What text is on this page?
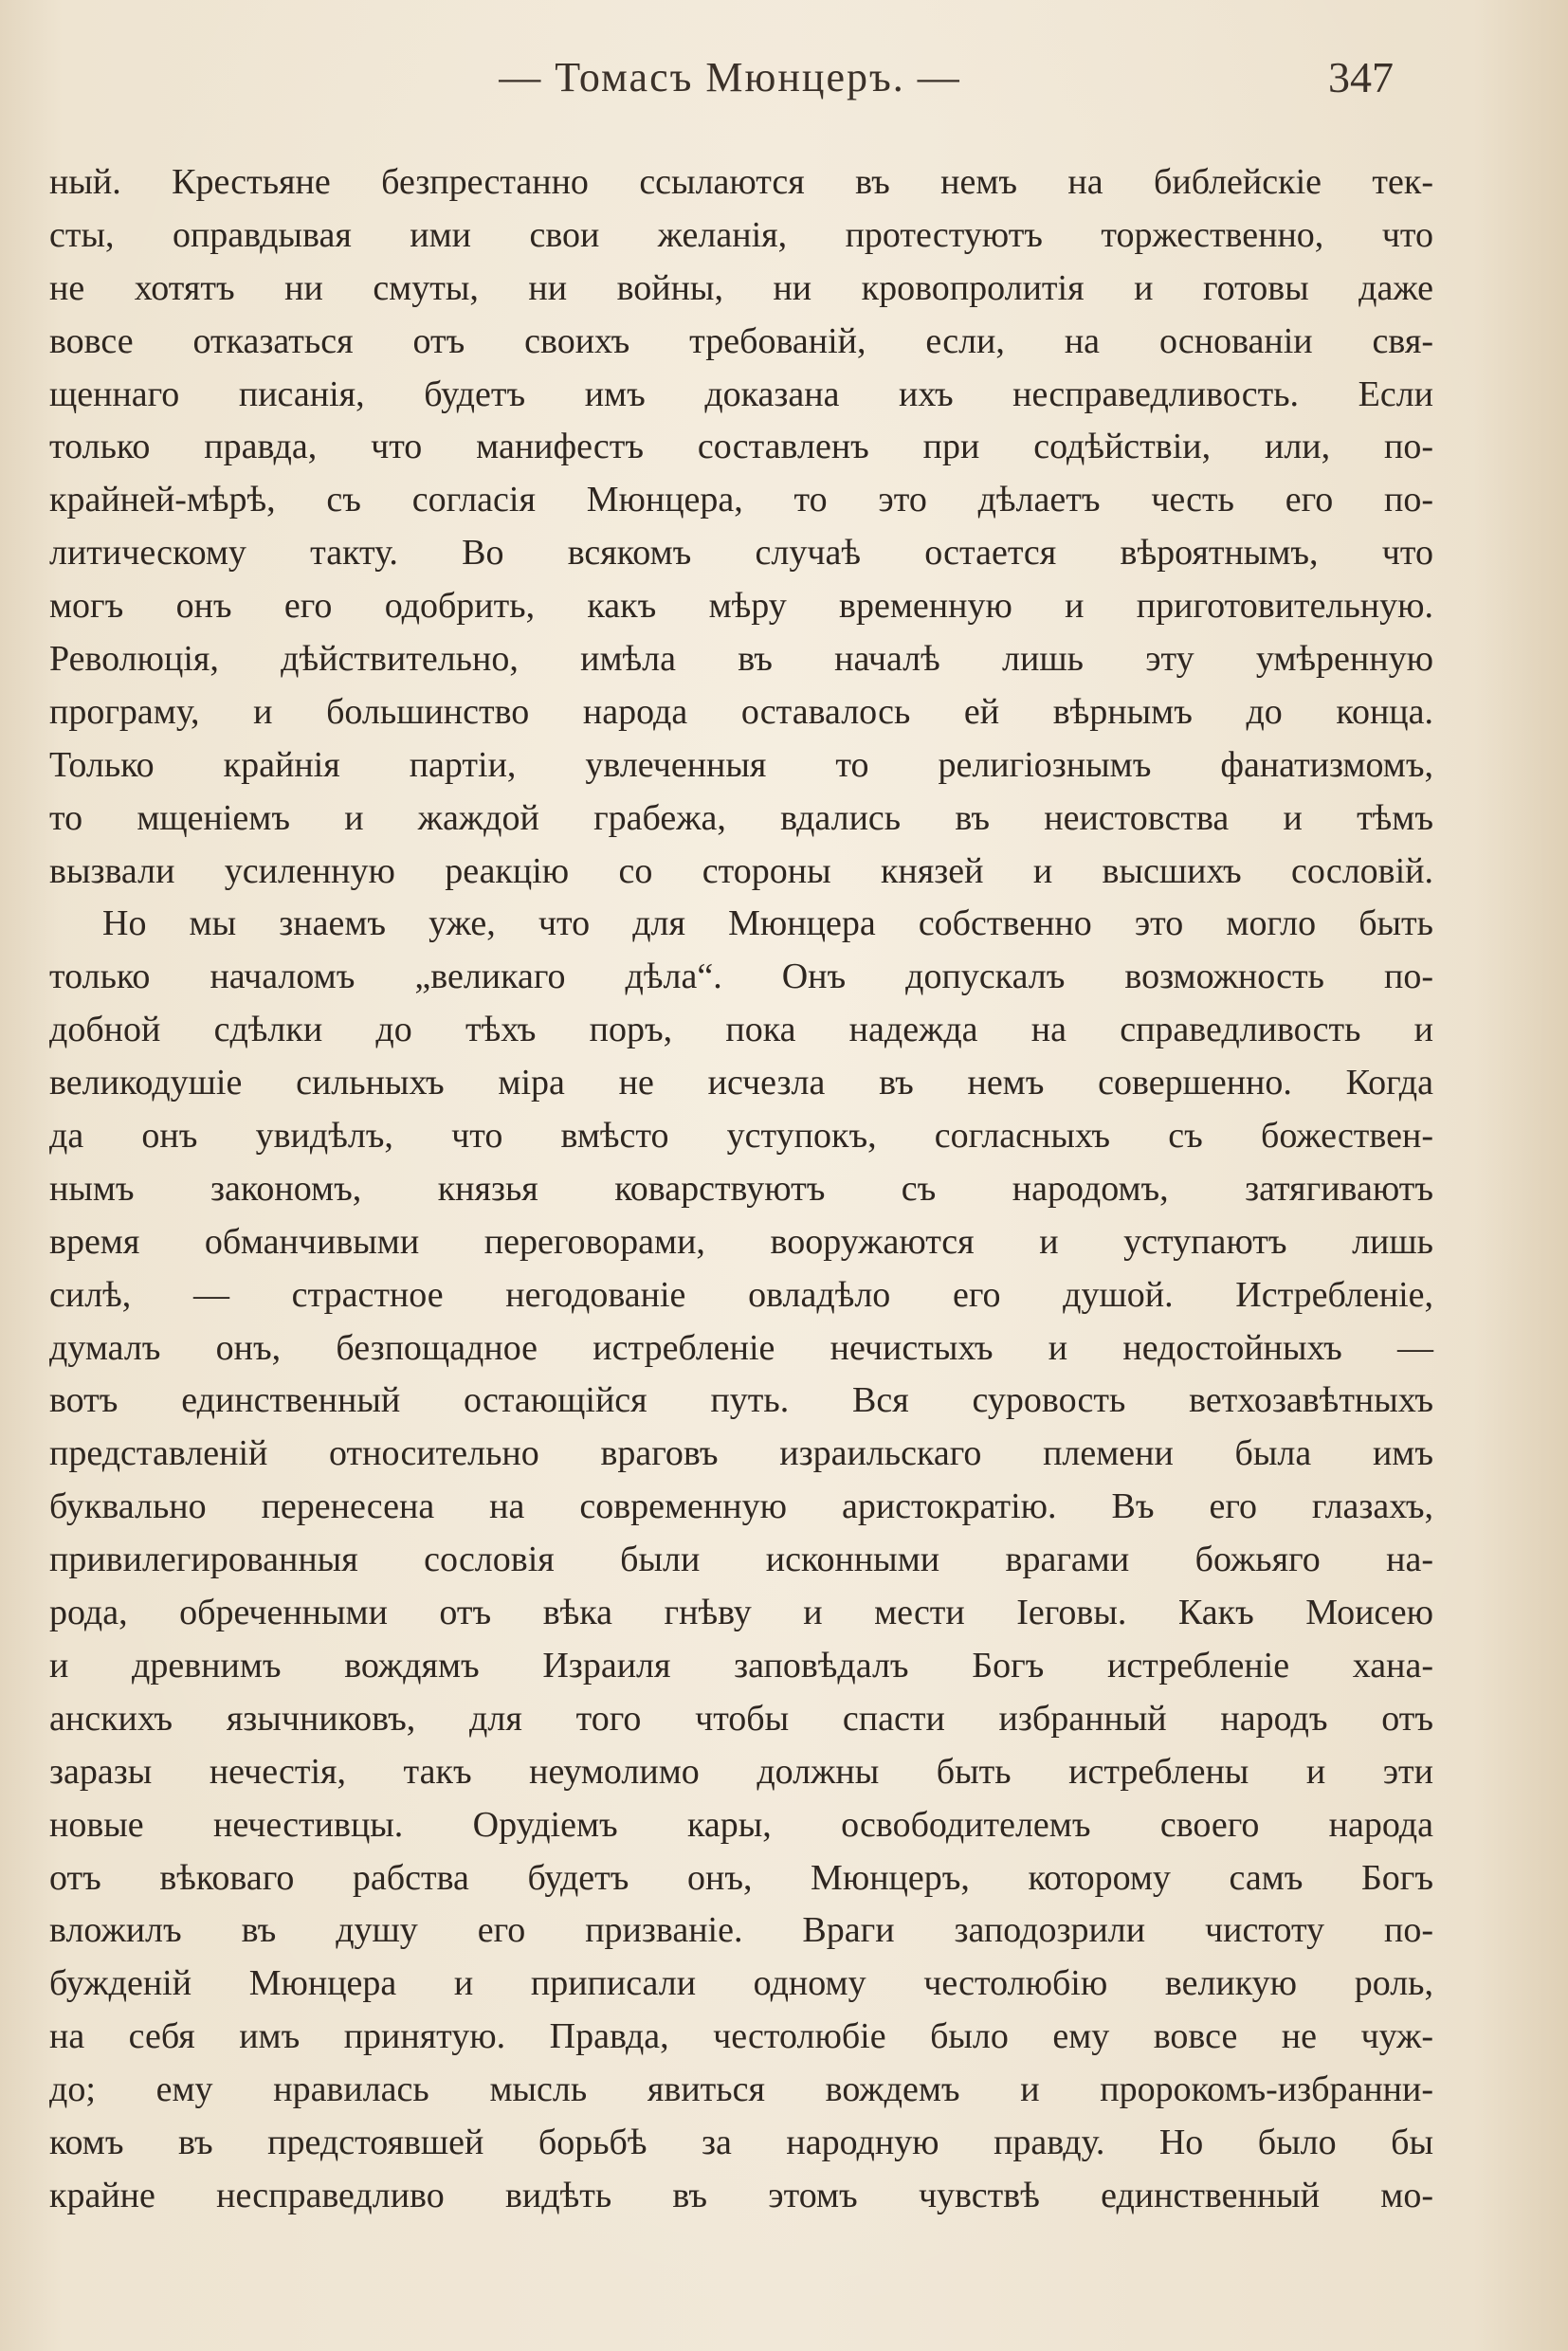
— Томасъ Мюнцеръ. —	347
ный. Крестьяне безпрестанно ссылаются въ немъ на библейскіе тек-
сты, оправдывая ими свои желанія, протестуютъ торжественно, что
не хотятъ ни смуты, ни войны, ни кровопролитія и готовы даже
вовсе отказаться отъ своихъ требованій, если, на основаніи свя-
щеннаго писанія, будетъ имъ доказана ихъ несправедливость. Если
только правда, что манифестъ составленъ при содѣйствіи, или, по-
крайней-мѣрѣ, съ согласія Мюнцера, то это дѣлаетъ честь его по-
литическому такту. Во всякомъ случаѣ остается вѣроятнымъ, что
могъ онъ его одобрить, какъ мѣру временную и приготовительную.
Революція, дѣйствительно, имѣла въ началѣ лишь эту умѣренную
програму, и большинство народа оставалось ей вѣрнымъ до конца.
Только крайнія партіи, увлеченныя то религіознымъ фанатизмомъ,
то мщеніемъ и жаждой грабежа, вдались въ неистовства и тѣмъ
вызвали усиленную реакцію со стороны князей и высшихъ сословій.
Но мы знаемъ уже, что для Мюнцера собственно это могло быть
только началомъ „великаго дѣла“. Онъ допускалъ возможность по-
добной сдѣлки до тѣхъ поръ, пока надежда на справедливость и
великодушіе сильныхъ міра не исчезла въ немъ совершенно. Когда
да онъ увидѣлъ, что вмѣсто уступокъ, согласныхъ съ божествен-
нымъ закономъ, князья коварствуютъ съ народомъ, затягиваютъ
время обманчивыми переговорами, вооружаются и уступаютъ лишь
силѣ, — страстное негодованіе овладѣло его душой. Истребленіе,
думалъ онъ, безпощадное истребленіе нечистыхъ и недостойныхъ —
вотъ единственный остающійся путь. Вся суровость ветхозавѣтныхъ
представленій относительно враговъ израильскаго племени была имъ
буквально перенесена на современную аристократію. Въ его глазахъ,
привилегированныя сословія были исконными врагами божьяго на-
рода, обреченными отъ вѣка гнѣву и мести Іеговы. Какъ Моисею
и древнимъ вождямъ Израиля заповѣдалъ Богъ истребленіе хана-
анскихъ язычниковъ, для того чтобы спасти избранный народъ отъ
заразы нечестія, такъ неумолимо должны быть истреблены и эти
новые нечестивцы. Орудіемъ кары, освободителемъ своего народа
отъ вѣковаго рабства будетъ онъ, Мюнцеръ, которому самъ Богъ
вложилъ въ душу его призваніе. Враги заподозрили чистоту по-
бужденій Мюнцера и приписали одному честолюбію великую роль,
на себя имъ принятую. Правда, честолюбіе было ему вовсе не чуж-
до; ему нравилась мысль явиться вождемъ и пророкомъ-избранни-
комъ въ предстоявшей борьбѣ за народную правду. Но было бы
крайне несправедливо видѣть въ этомъ чувствѣ единственный мо-
